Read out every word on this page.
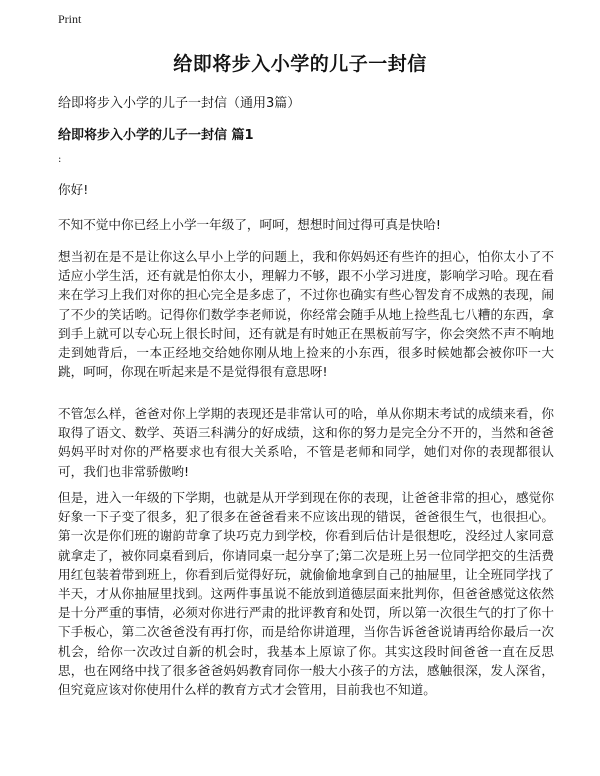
Print
给即将步入小学的儿子一封信
给即将步入小学的儿子一封信（通用3篇）
给即将步入小学的儿子一封信 篇1
:

你好!

不知不觉中你已经上小学一年级了，呵呵，想想时间过得可真是快哈!

想当初在是不是让你这么早小上学的问题上，我和你妈妈还有些许的担心，怕你太小了不适应小学生活，还有就是怕你太小，理解力不够，跟不小学习进度，影响学习哈。现在看来在学习上我们对你的担心完全是多虑了，不过你也确实有些心智发育不成熟的表现，闹了不少的笑话哟。记得你们数学李老师说，你经常会随手从地上捡些乱七八糟的东西，拿到手上就可以专心玩上很长时间，还有就是有时她正在黑板前写字，你会突然不声不响地走到她背后，一本正经地交给她你刚从地上捡来的小东西，很多时候她都会被你吓一大跳，呵呵，你现在听起来是不是觉得很有意思呀!

不管怎么样，爸爸对你上学期的表现还是非常认可的哈，单从你期末考试的成绩来看，你取得了语文、数学、英语三科满分的好成绩，这和你的努力是完全分不开的，当然和爸爸妈妈平时对你的严格要求也有很大关系哈，不管是老师和同学，她们对你的表现都很认可，我们也非常骄傲哟!

但是，进入一年级的下学期，也就是从开学到现在你的表现，让爸爸非常的担心，感觉你好象一下子变了很多，犯了很多在爸爸看来不应该出现的错误，爸爸很生气，也很担心。第一次是你们班的谢韵苛拿了块巧克力到学校，你看到后估计是很想吃，没经过人家同意就拿走了，被你同桌看到后，你请同桌一起分享了;第二次是班上另一位同学把交的生活费用红包装着带到班上，你看到后觉得好玩，就偷偷地拿到自己的抽屉里，让全班同学找了半天，才从你抽屉里找到。这两件事虽说不能放到道德层面来批判你，但爸爸感觉这依然是十分严重的事情，必须对你进行严肃的批评教育和处罚，所以第一次很生气的打了你十下手板心，第二次爸爸没有再打你，而是给你讲道理，当你告诉爸爸说请再给你最后一次机会，给你一次改过自新的机会时，我基本上原谅了你。其实这段时间爸爸一直在反思思，也在网络中找了很多爸爸妈妈教育同你一般大小孩子的方法，感触很深，发人深省，但究竟应该对你使用什么样的教育方式才会管用，目前我也不知道。
